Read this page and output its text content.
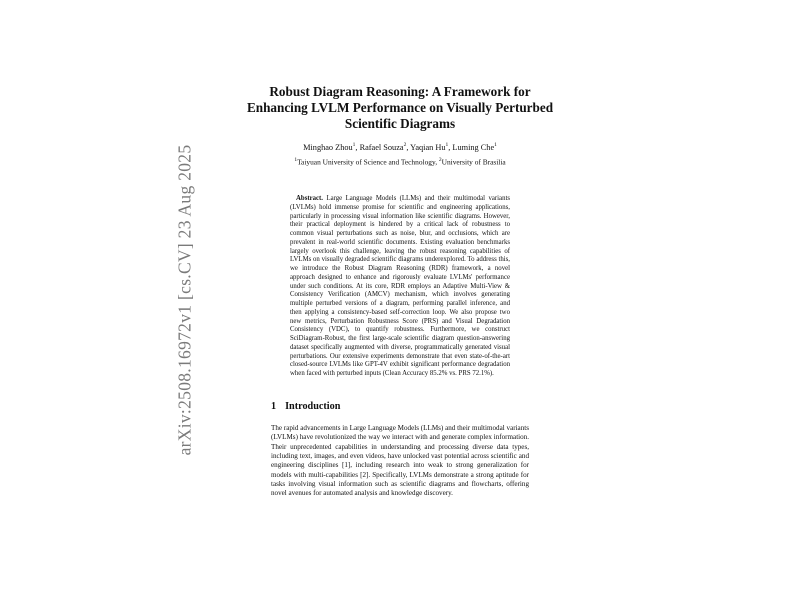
arXiv:2508.16972v1 [cs.CV] 23 Aug 2025
Robust Diagram Reasoning: A Framework for Enhancing LVLM Performance on Visually Perturbed Scientific Diagrams
Minghao Zhou$^1$, Rafael Souza$^2$, Yaqian Hu$^1$, Luming Che$^1$
$^1$Taiyuan University of Science and Technology, $^2$University of Brasilia
Abstract. Large Language Models (LLMs) and their multimodal variants (LVLMs) hold immense promise for scientific and engineering applications, particularly in processing visual information like scientific diagrams. However, their practical deployment is hindered by a critical lack of robustness to common visual perturbations such as noise, blur, and occlusions, which are prevalent in real-world scientific documents. Existing evaluation benchmarks largely overlook this challenge, leaving the robust reasoning capabilities of LVLMs on visually degraded scientific diagrams underexplored. To address this, we introduce the Robust Diagram Reasoning (RDR) framework, a novel approach designed to enhance and rigorously evaluate LVLMs' performance under such conditions. At its core, RDR employs an Adaptive Multi-View & Consistency Verification (AMCV) mechanism, which involves generating multiple perturbed versions of a diagram, performing parallel inference, and then applying a consistency-based self-correction loop. We also propose two new metrics, Perturbation Robustness Score (PRS) and Visual Degradation Consistency (VDC), to quantify robustness. Furthermore, we construct SciDiagram-Robust, the first large-scale scientific diagram question-answering dataset specifically augmented with diverse, programmatically generated visual perturbations. Our extensive experiments demonstrate that even state-of-the-art closed-source LVLMs like GPT-4V exhibit significant performance degradation when faced with perturbed inputs (Clean Accuracy 85.2% vs. PRS 72.1%).
1 Introduction
The rapid advancements in Large Language Models (LLMs) and their multimodal variants (LVLMs) have revolutionized the way we interact with and generate complex information. Their unprecedented capabilities in understanding and processing diverse data types, including text, images, and even videos, have unlocked vast potential across scientific and engineering disciplines [1], including research into weak to strong generalization for models with multi-capabilities [2]. Specifically, LVLMs demonstrate a strong aptitude for tasks involving visual information such as scientific diagrams and flowcharts, offering novel avenues for automated analysis and knowledge discovery.
